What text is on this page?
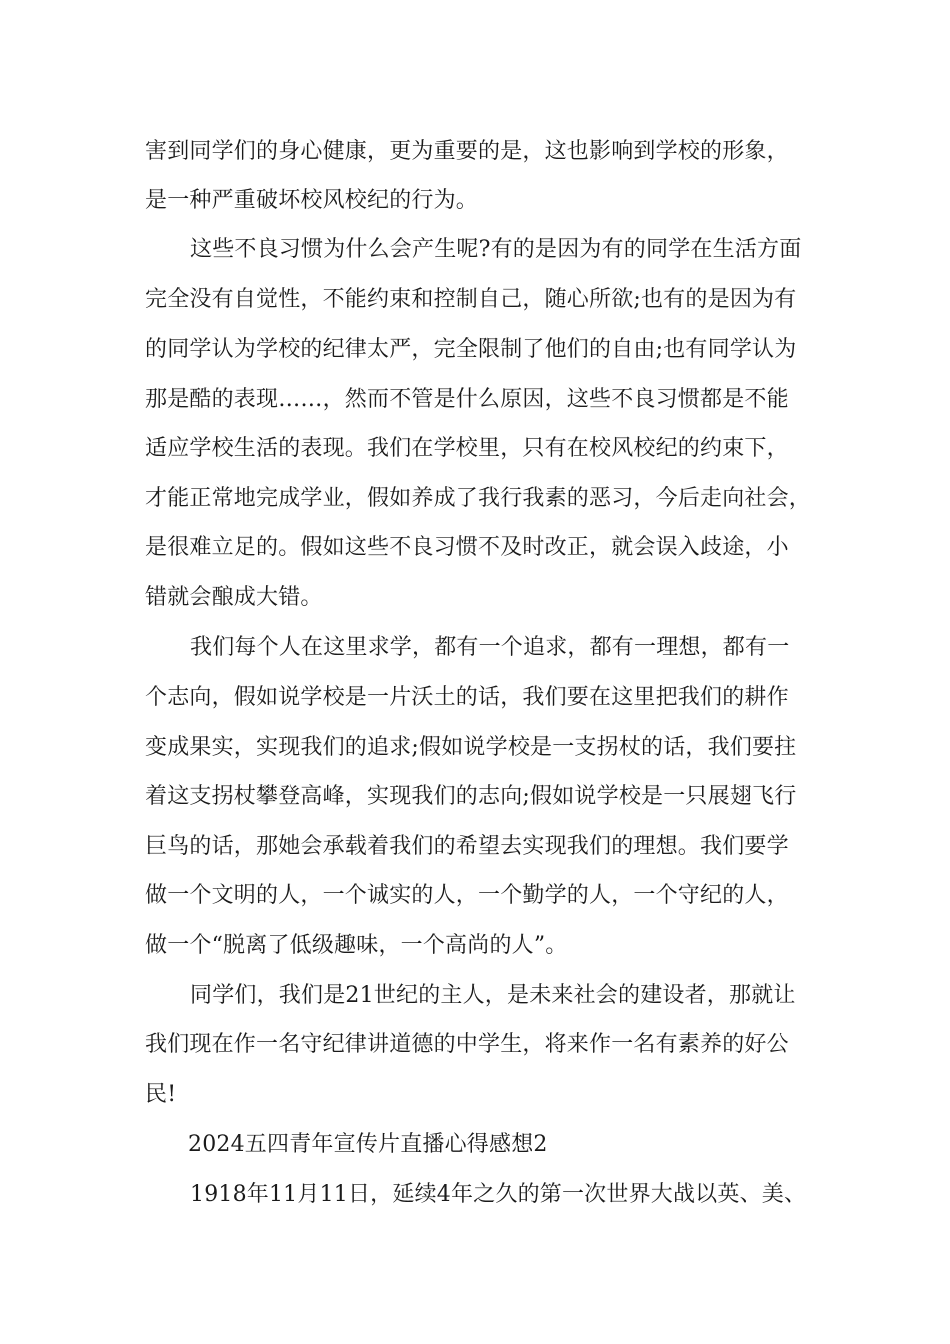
害到同学们的身心健康，更为重要的是，这也影响到学校的形象，
是一种严重破坏校风校纪的行为。
这些不良习惯为什么会产生呢?有的是因为有的同学在生活方面
完全没有自觉性，不能约束和控制自己，随心所欲;也有的是因为有
的同学认为学校的纪律太严，完全限制了他们的自由;也有同学认为
那是酷的表现……，然而不管是什么原因，这些不良习惯都是不能
适应学校生活的表现。我们在学校里，只有在校风校纪的约束下，
才能正常地完成学业，假如养成了我行我素的恶习，今后走向社会，
是很难立足的。假如这些不良习惯不及时改正，就会误入歧途，小
错就会酿成大错。
我们每个人在这里求学，都有一个追求，都有一理想，都有一
个志向，假如说学校是一片沃土的话，我们要在这里把我们的耕作
变成果实，实现我们的追求;假如说学校是一支拐杖的话，我们要拄
着这支拐杖攀登高峰，实现我们的志向;假如说学校是一只展翅飞行
巨鸟的话，那她会承载着我们的希望去实现我们的理想。我们要学
做一个文明的人，一个诚实的人，一个勤学的人，一个守纪的人，
做一个“脱离了低级趣味，一个高尚的人”。
同学们，我们是21世纪的主人，是未来社会的建设者，那就让
我们现在作一名守纪律讲道德的中学生，将来作一名有素养的好公
民!
2024五四青年宣传片直播心得感想2
1918年11月11日，延续4年之久的第一次世界大战以英、美、
